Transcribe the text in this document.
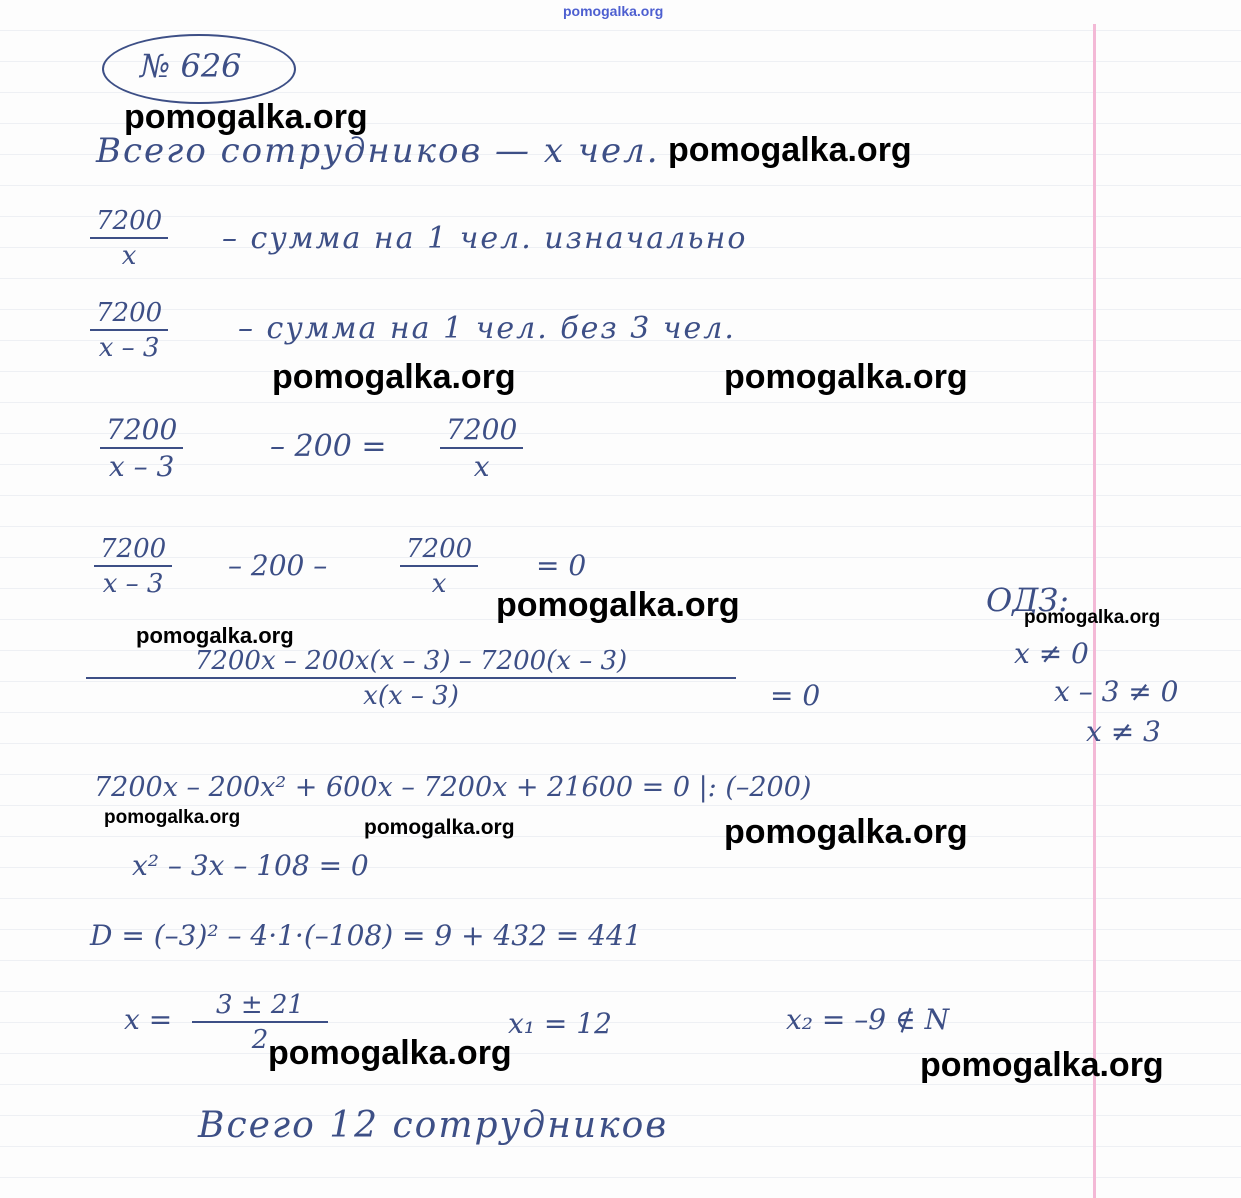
pomogalka.org
№ 626
Всего сотрудников — x чел.
$\frac{7200}{x}$ – сумма на 1 чел. изначально
$\frac{7200}{x - 3}$ – сумма на 1 чел. без 3 чел.
$\frac{7200}{x - 3}$	– $200 = \frac{7200}{x}$
$\frac{7200}{x - 3} - 200$ –	$\frac{7200}{x} = 0$
ОДЗ:
x ≠ 0
x – 3 ≠ 0
x ≠ 3
$\frac{7200x - 200x(x - 3) - 7200(x - 3)}{x(x - 3)} = 0$
7200x – 200x² + 600x – 7200x + 21600 = 0 |: (–200)
x² – 3x – 108 = 0
D = (–3)² – 4·1·(–108) = 9 + 432 = 441
$x = \frac{3 \pm 21}{2}$	x₁ = 12	x₂ = –9 ∉ N
Всего 12 сотрудников
pomogalka.org
pomogalka.org
pomogalka.org	pomogalka.org
pomogalka.org	pomogalka.org
pomogalka.org
pomogalka.org	pomogalka.org	pomogalka.org
pomogalka.org	pomogalka.org
